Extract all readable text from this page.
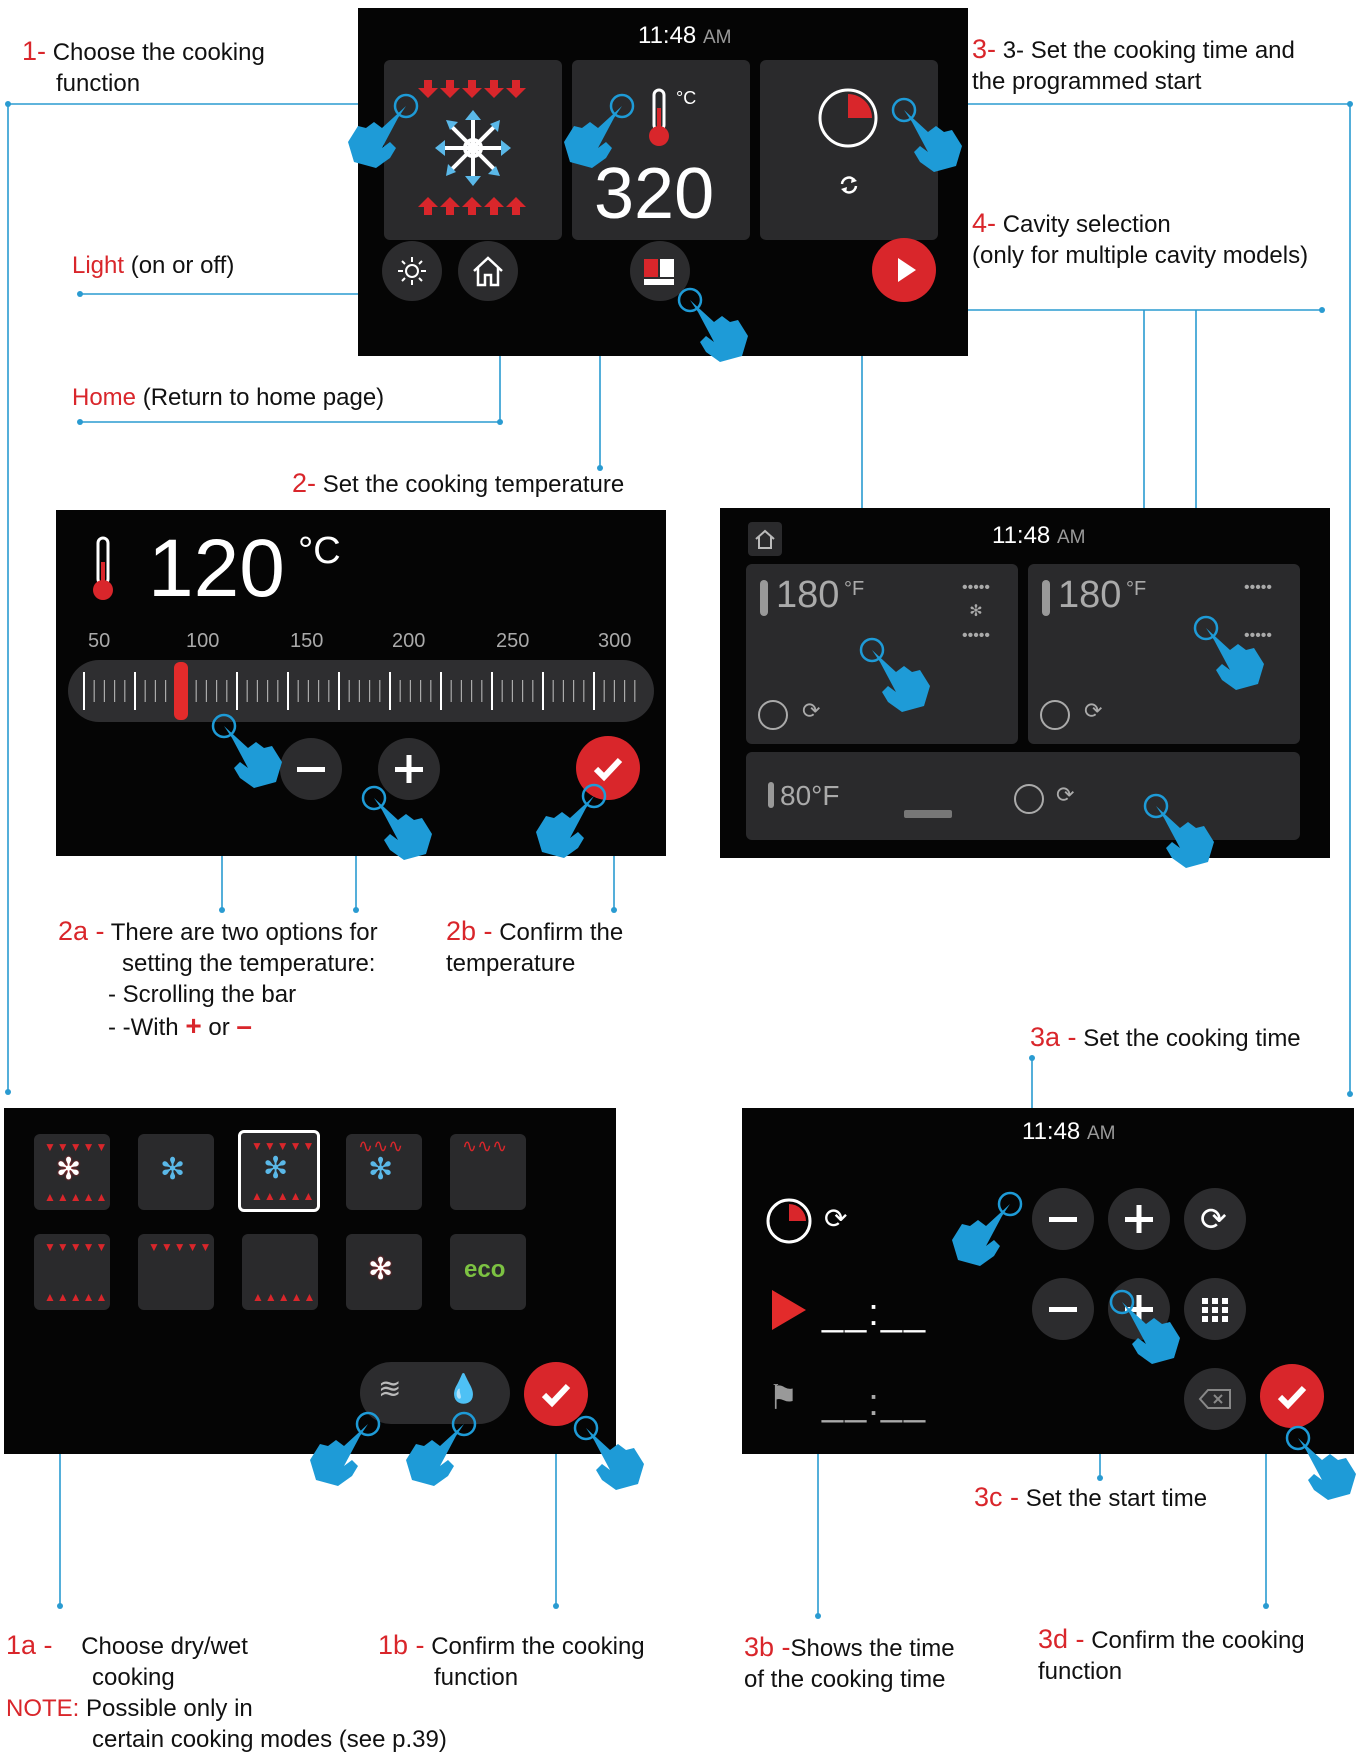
11:48 AM
°C
320
120 °C
50	100	150	200	250	300
11:48 AM
180 °F	•••••
✻
•••••
⟳
180 °F	•••••

•••••
⟳
80°F	⟳
≋ 💧
▼▼▼▼▼
✻
▲▲▲▲▲
✻
▼▼▼▼▼
✻
▲▲▲▲▲
∿∿∿
✻
∿∿∿
▼▼▼▼▼
▲▲▲▲▲
▼▼▼▼▼
▲▲▲▲▲
✻	eco
11:48 AM
⟳
__:__
⚑ __:__
⟳
1- Choose the cooking
function
3- 3- Set the cooking time and
the programmed start
4- Cavity selection
(only for multiple cavity models)
Light (on or off)
Home (Return to home page)
2- Set the cooking temperature
2a - There are two options for
setting the temperature:
- Scrolling the bar
- -With + or –
2b - Confirm the
temperature
3a - Set the cooking time
3c - Set the start time
1a - Choose dry/wet
cooking
NOTE: Possible only in
certain cooking modes (see p.39)
1b - Confirm the cooking
function
3b -Shows the time
of the cooking time
3d - Confirm the cooking
function
